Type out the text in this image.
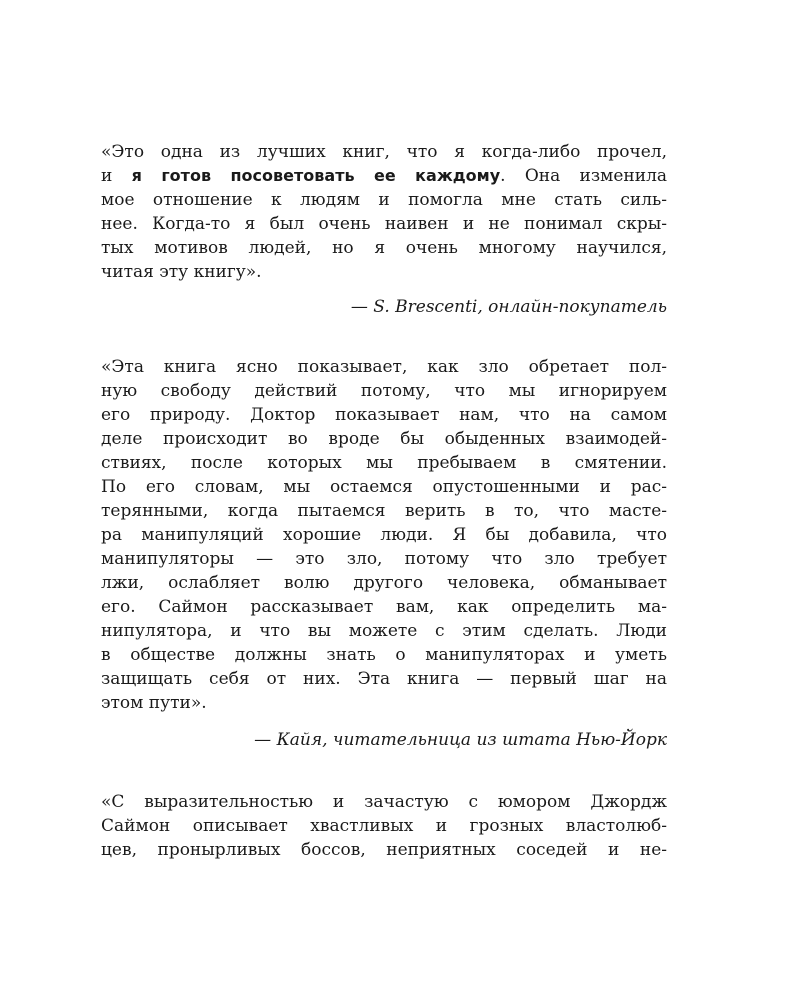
«Это одна из лучших книг, что я когда-либо прочел,
и я готов посоветовать ее каждому. Она изменила
мое отношение к людям и помогла мне стать силь-
нее. Когда-то я был очень наивен и не понимал скры-
тых мотивов людей, но я очень многому научился,
читая эту книгу».
— S. Brescenti, онлайн-покупатель
«Эта книга ясно показывает, как зло обретает пол-
ную свободу действий потому, что мы игнорируем
его природу. Доктор показывает нам, что на самом
деле происходит во вроде бы обыденных взаимодей-
ствиях, после которых мы пребываем в смятении.
По его словам, мы остаемся опустошенными и рас-
терянными, когда пытаемся верить в то, что масте-
ра манипуляций хорошие люди. Я бы добавила, что
манипуляторы — это зло, потому что зло требует
лжи, ослабляет волю другого человека, обманывает
его. Саймон рассказывает вам, как определить ма-
нипулятора, и что вы можете с этим сделать. Люди
в обществе должны знать о манипуляторах и уметь
защищать себя от них. Эта книга — первый шаг на
этом пути».
— Кайя, читательница из штата Нью-Йорк
«С выразительностью и зачастую с юмором Джордж
Саймон описывает хвастливых и грозных властолюб-
цев, пронырливых боссов, неприятных соседей и не-
